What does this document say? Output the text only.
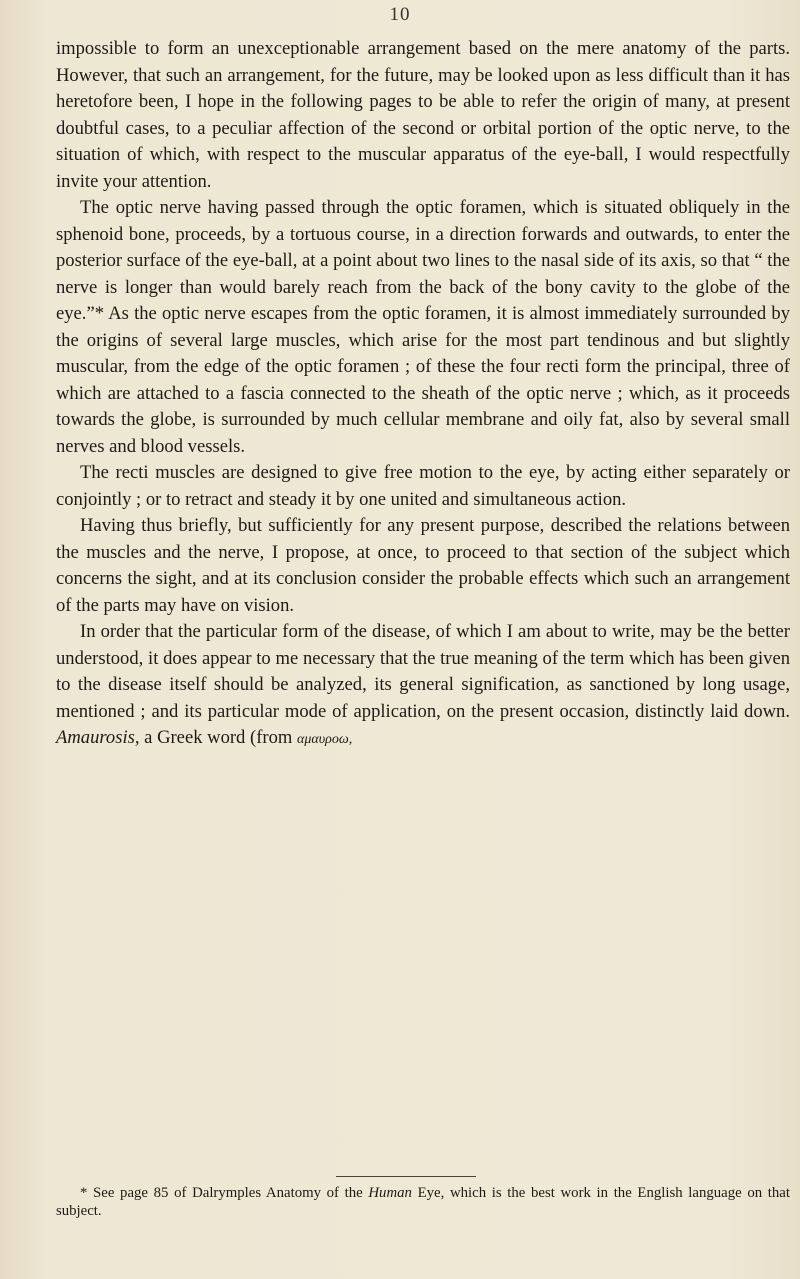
10

impossible to form an unexceptionable arrangement based on the mere anatomy of the parts. However, that such an arrangement, for the future, may be looked upon as less difficult than it has heretofore been, I hope in the following pages to be able to refer the origin of many, at present doubtful cases, to a peculiar affection of the second or orbital portion of the optic nerve, to the situation of which, with respect to the muscular apparatus of the eye-ball, I would respectfully invite your attention.

The optic nerve having passed through the optic foramen, which is situated obliquely in the sphenoid bone, proceeds, by a tortuous course, in a direction forwards and outwards, to enter the posterior surface of the eye-ball, at a point about two lines to the nasal side of its axis, so that “ the nerve is longer than would barely reach from the back of the bony cavity to the globe of the eye.”* As the optic nerve escapes from the optic foramen, it is almost immediately surrounded by the origins of several large muscles, which arise for the most part tendinous and but slightly muscular, from the edge of the optic foramen ; of these the four recti form the principal, three of which are attached to a fascia connected to the sheath of the optic nerve ; which, as it proceeds towards the globe, is surrounded by much cellular membrane and oily fat, also by several small nerves and blood vessels.

The recti muscles are designed to give free motion to the eye, by acting either separately or conjointly ; or to retract and steady it by one united and simultaneous action.

Having thus briefly, but sufficiently for any present purpose, described the relations between the muscles and the nerve, I propose, at once, to proceed to that section of the subject which concerns the sight, and at its conclusion consider the probable effects which such an arrangement of the parts may have on vision.

In order that the particular form of the disease, of which I am about to write, may be the better understood, it does appear to me necessary that the true meaning of the term which has been given to the disease itself should be analyzed, its general signification, as sanctioned by long usage, mentioned ; and its particular mode of application, on the present occasion, distinctly laid down. Amaurosis, a Greek word (from αμαυροω,

* See page 85 of Dalrymples Anatomy of the Human Eye, which is the best work in the English language on that subject.
